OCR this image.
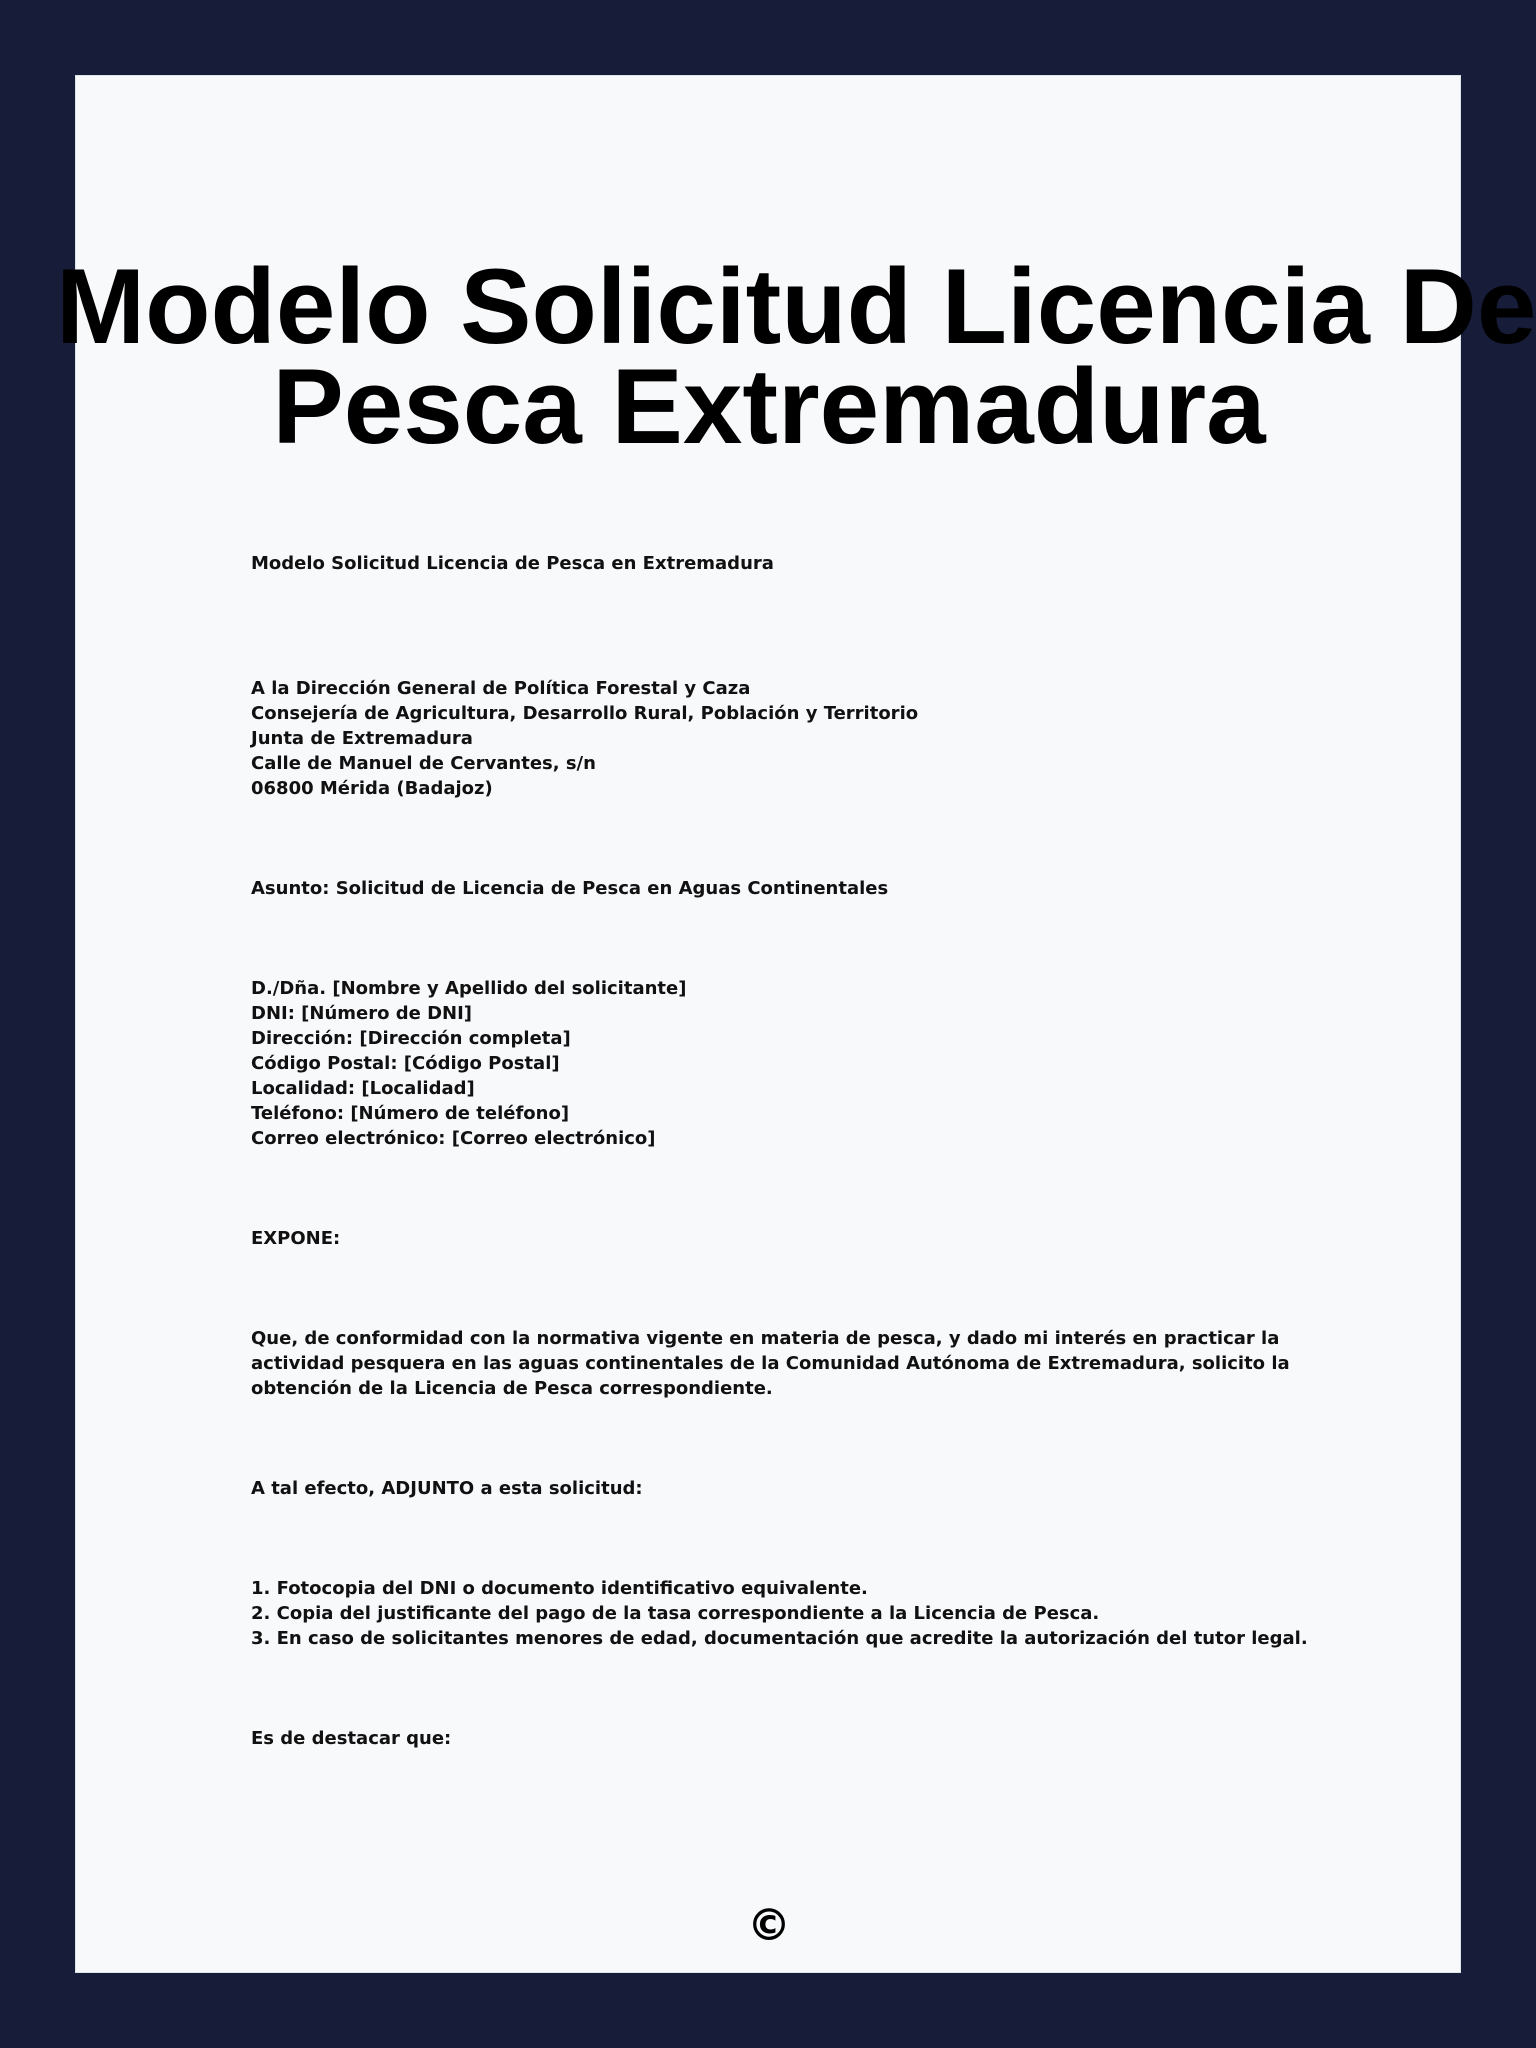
Modelo Solicitud Licencia De
Pesca Extremadura

Modelo Solicitud Licencia de Pesca en Extremadura

A la Dirección General de Política Forestal y Caza
Consejería de Agricultura, Desarrollo Rural, Población y Territorio
Junta de Extremadura
Calle de Manuel de Cervantes, s/n
06800 Mérida (Badajoz)

Asunto: Solicitud de Licencia de Pesca en Aguas Continentales

D./Dña. [Nombre y Apellido del solicitante]
DNI: [Número de DNI]
Dirección: [Dirección completa]
Código Postal: [Código Postal]
Localidad: [Localidad]
Teléfono: [Número de teléfono]
Correo electrónico: [Correo electrónico]

EXPONE:

Que, de conformidad con la normativa vigente en materia de pesca, y dado mi interés en practicar la
actividad pesquera en las aguas continentales de la Comunidad Autónoma de Extremadura, solicito la
obtención de la Licencia de Pesca correspondiente.

A tal efecto, ADJUNTO a esta solicitud:

1. Fotocopia del DNI o documento identificativo equivalente.
2. Copia del justificante del pago de la tasa correspondiente a la Licencia de Pesca.
3. En caso de solicitantes menores de edad, documentación que acredite la autorización del tutor legal.

Es de destacar que:

©
